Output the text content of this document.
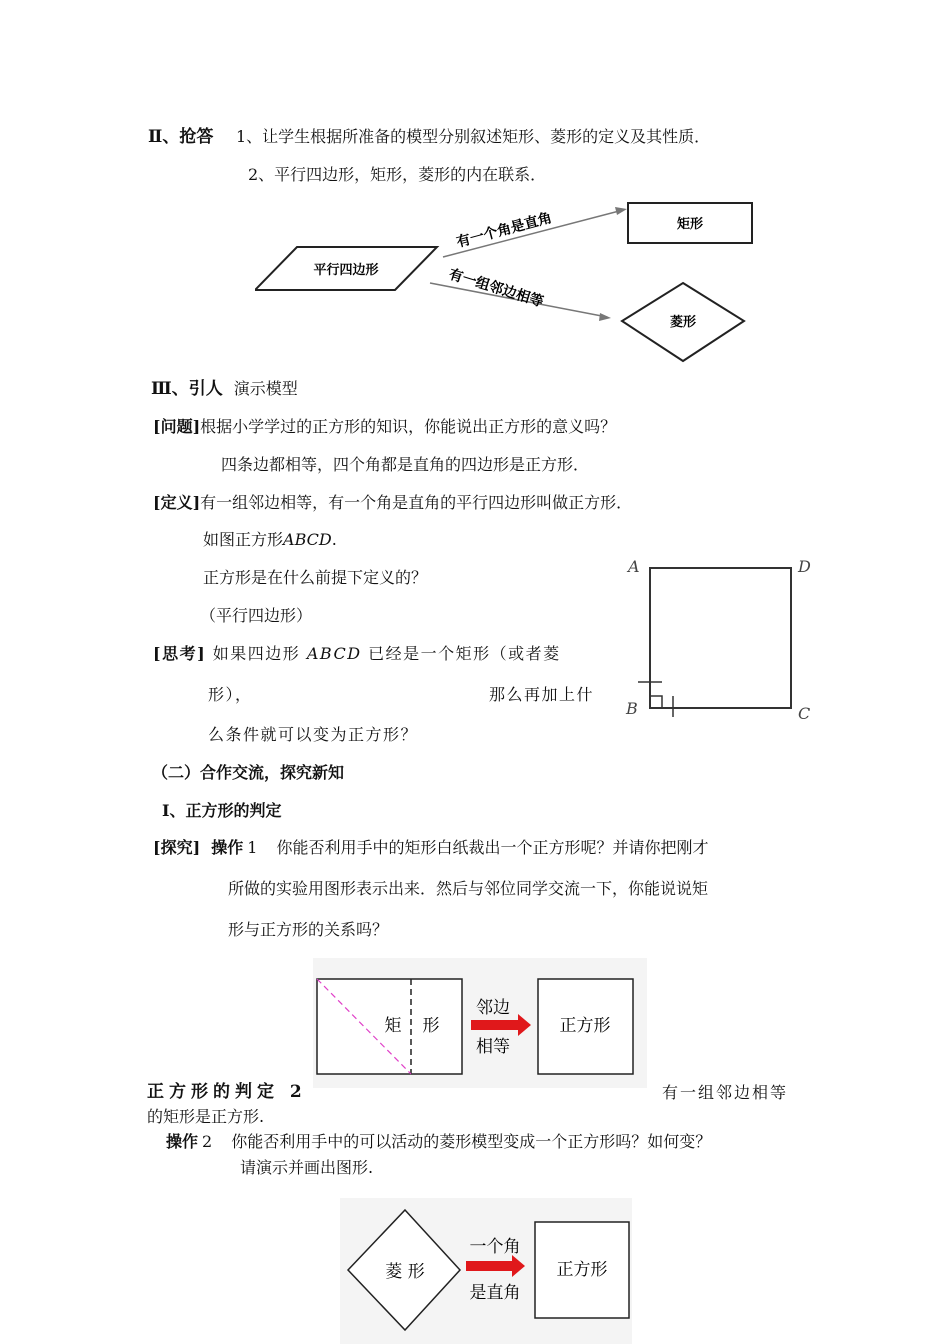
Ⅱ、抢答 1、让学生根据所准备的模型分别叙述矩形、菱形的定义及其性质．
2、平行四边形，矩形，菱形的内在联系．
平行四边形
有一个角是直角	矩形
有一组邻边相等
菱形
Ⅲ、引人 演示模型
[问题]根据小学学过的正方形的知识，你能说出正方形的意义吗？
四条边都相等，四个角都是直角的四边形是正方形．
[定义]有一组邻边相等，有一个角是直角的平行四边形叫做正方形．
如图正方形ABCD.
正方形是在什么前提下定义的？
（平行四边形）
[思考] 如果四边形 ABCD 已经是一个矩形（或者菱
形），	那么再加上什
么条件就可以变为正方形？
A	D
B	C
（二）合作交流，探究新知
Ⅰ、正方形的判定
[探究] 操作 1 你能否利用手中的矩形白纸裁出一个正方形呢？并请你把刚才
所做的实验用图形表示出来．然后与邻位同学交流一下，你能说说矩
形与正方形的关系吗？
矩 形
邻边
相等
正方形
正方形的判定 2	有一组邻边相等
的矩形是正方形.
操作 2 你能否利用手中的可以活动的菱形模型变成一个正方形吗？如何变？
请演示并画出图形.
菱 形
一个角
是直角
正方形
